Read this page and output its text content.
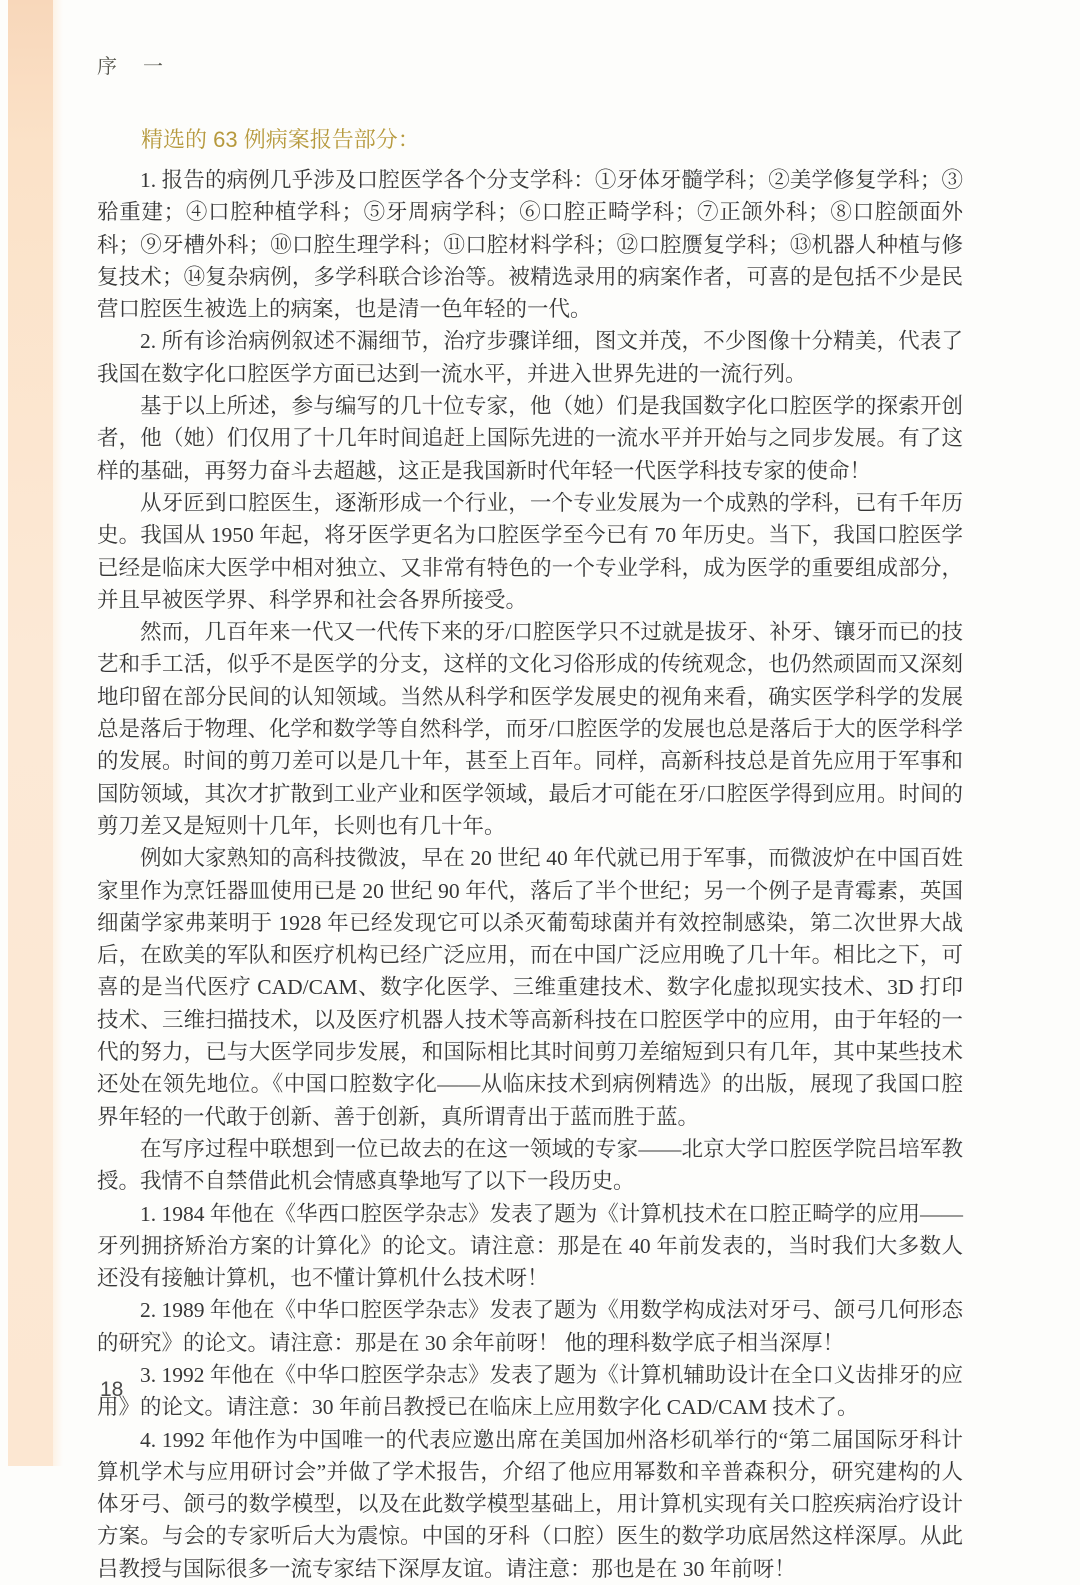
序　一
精选的 63 例病案报告部分：

1. 报告的病例几乎涉及口腔医学各个分支学科：①牙体牙髓学科；②美学修复学科；③𬌗重建；④口腔种植学科；⑤牙周病学科；⑥口腔正畸学科；⑦正颌外科；⑧口腔颌面外科；⑨牙槽外科；⑩口腔生理学科；⑪口腔材料学科；⑫口腔赝复学科；⑬机器人种植与修复技术；⑭复杂病例，多学科联合诊治等。被精选录用的病案作者，可喜的是包括不少是民营口腔医生被选上的病案，也是清一色年轻的一代。

2. 所有诊治病例叙述不漏细节，治疗步骤详细，图文并茂，不少图像十分精美，代表了我国在数字化口腔医学方面已达到一流水平，并进入世界先进的一流行列。

基于以上所述，参与编写的几十位专家，他（她）们是我国数字化口腔医学的探索开创者，他（她）们仅用了十几年时间追赶上国际先进的一流水平并开始与之同步发展。有了这样的基础，再努力奋斗去超越，这正是我国新时代年轻一代医学科技专家的使命！

从牙匠到口腔医生，逐渐形成一个行业，一个专业发展为一个成熟的学科，已有千年历史。我国从 1950 年起，将牙医学更名为口腔医学至今已有 70 年历史。当下，我国口腔医学已经是临床大医学中相对独立、又非常有特色的一个专业学科，成为医学的重要组成部分，并且早被医学界、科学界和社会各界所接受。

然而，几百年来一代又一代传下来的牙/口腔医学只不过就是拔牙、补牙、镶牙而已的技艺和手工活，似乎不是医学的分支，这样的文化习俗形成的传统观念，也仍然顽固而又深刻地印留在部分民间的认知领域。当然从科学和医学发展史的视角来看，确实医学科学的发展总是落后于物理、化学和数学等自然科学，而牙/口腔医学的发展也总是落后于大的医学科学的发展。时间的剪刀差可以是几十年，甚至上百年。同样，高新科技总是首先应用于军事和国防领域，其次才扩散到工业产业和医学领域，最后才可能在牙/口腔医学得到应用。时间的剪刀差又是短则十几年，长则也有几十年。

例如大家熟知的高科技微波，早在 20 世纪 40 年代就已用于军事，而微波炉在中国百姓家里作为烹饪器皿使用已是 20 世纪 90 年代，落后了半个世纪；另一个例子是青霉素，英国细菌学家弗莱明于 1928 年已经发现它可以杀灭葡萄球菌并有效控制感染，第二次世界大战后，在欧美的军队和医疗机构已经广泛应用，而在中国广泛应用晚了几十年。相比之下，可喜的是当代医疗 CAD/CAM、数字化医学、三维重建技术、数字化虚拟现实技术、3D 打印技术、三维扫描技术，以及医疗机器人技术等高新科技在口腔医学中的应用，由于年轻的一代的努力，已与大医学同步发展，和国际相比其时间剪刀差缩短到只有几年，其中某些技术还处在领先地位。《中国口腔数字化——从临床技术到病例精选》的出版，展现了我国口腔界年轻的一代敢于创新、善于创新，真所谓青出于蓝而胜于蓝。

在写序过程中联想到一位已故去的在这一领域的专家——北京大学口腔医学院吕培军教授。我情不自禁借此机会情感真挚地写了以下一段历史。

1. 1984 年他在《华西口腔医学杂志》发表了题为《计算机技术在口腔正畸学的应用——牙列拥挤矫治方案的计算化》的论文。请注意：那是在 40 年前发表的，当时我们大多数人还没有接触计算机，也不懂计算机什么技术呀！

2. 1989 年他在《中华口腔医学杂志》发表了题为《用数学构成法对牙弓、颌弓几何形态的研究》的论文。请注意：那是在 30 余年前呀！ 他的理科数学底子相当深厚！

3. 1992 年他在《中华口腔医学杂志》发表了题为《计算机辅助设计在全口义齿排牙的应用》的论文。请注意：30 年前吕教授已在临床上应用数字化 CAD/CAM 技术了。

4. 1992 年他作为中国唯一的代表应邀出席在美国加州洛杉矶举行的“第二届国际牙科计算机学术与应用研讨会”并做了学术报告，介绍了他应用幂数和辛普森积分，研究建构的人体牙弓、颌弓的数学模型，以及在此数学模型基础上，用计算机实现有关口腔疾病治疗设计方案。与会的专家听后大为震惊。中国的牙科（口腔）医生的数学功底居然这样深厚。从此吕教授与国际很多一流专家结下深厚友谊。请注意：那也是在 30 年前呀！

18
